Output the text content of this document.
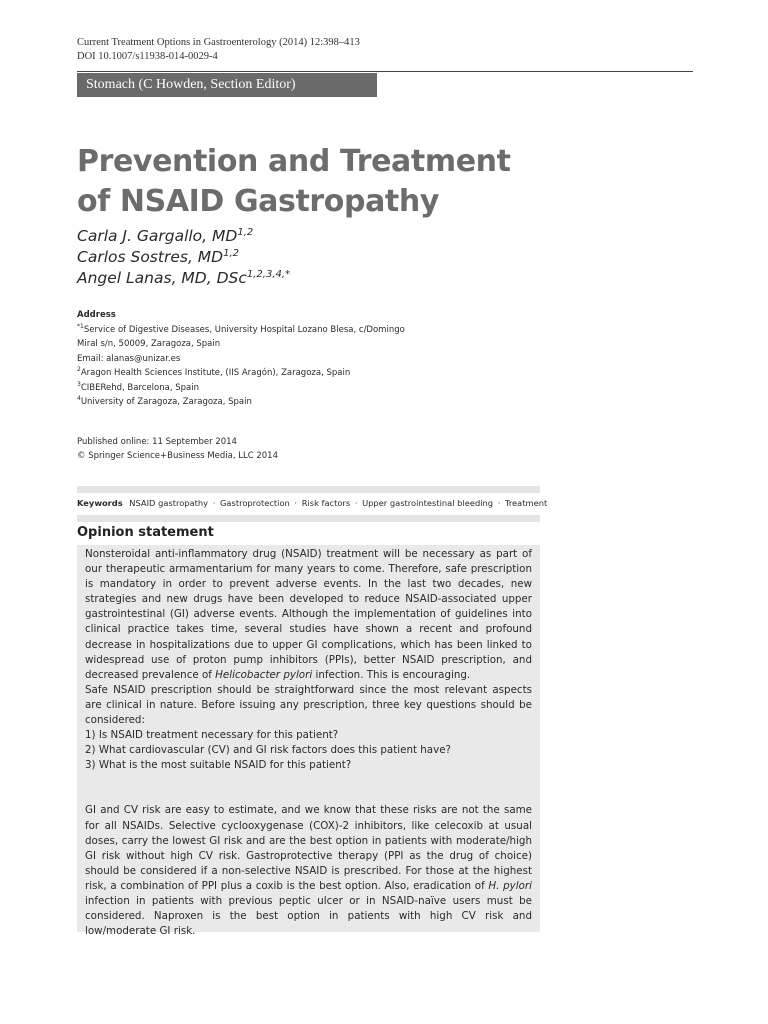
Current Treatment Options in Gastroenterology (2014) 12:398–413
DOI 10.1007/s11938-014-0029-4
Stomach (C Howden, Section Editor)
Prevention and Treatment
of NSAID Gastropathy
Carla J. Gargallo, MD$^{1,2}$
Carlos Sostres, MD$^{1,2}$
Angel Lanas, MD, DSc$^{1,2,3,4,*}$
Address
$^{*1}$Service of Digestive Diseases, University Hospital Lozano Blesa, c/Domingo
Miral s/n, 50009, Zaragoza, Spain
Email: alanas@unizar.es
$^2$Aragon Health Sciences Institute, (IIS Aragón), Zaragoza, Spain
$^3$CIBERehd, Barcelona, Spain
$^4$University of Zaragoza, Zaragoza, Spain
Published online: 11 September 2014
© Springer Science+Business Media, LLC 2014
Keywords NSAID gastropathy · Gastroprotection · Risk factors · Upper gastrointestinal bleeding · Treatment
Opinion statement

Nonsteroidal anti-inflammatory drug (NSAID) treatment will be necessary as part of our therapeutic armamentarium for many years to come. Therefore, safe prescription is mandatory in order to prevent adverse events. In the last two decades, new strategies and new drugs have been developed to reduce NSAID-associated upper gastrointestinal (GI) adverse events. Although the implementation of guidelines into clinical practice takes time, several studies have shown a recent and profound decrease in hospitalizations due to upper GI complications, which has been linked to widespread use of proton pump inhibitors (PPIs), better NSAID prescription, and decreased prevalence of Helicobacter pylori infection. This is encouraging.

Safe NSAID prescription should be straightforward since the most relevant aspects are clinical in nature. Before issuing any prescription, three key questions should be considered:

1) Is NSAID treatment necessary for this patient?

2) What cardiovascular (CV) and GI risk factors does this patient have?

3) What is the most suitable NSAID for this patient?

GI and CV risk are easy to estimate, and we know that these risks are not the same for all NSAIDs. Selective cyclooxygenase (COX)-2 inhibitors, like celecoxib at usual doses, carry the lowest GI risk and are the best option in patients with moderate/high GI risk without high CV risk. Gastroprotective therapy (PPI as the drug of choice) should be considered if a non-selective NSAID is prescribed. For those at the highest risk, a combination of PPI plus a coxib is the best option. Also, eradication of H. pylori infection in patients with previous peptic ulcer or in NSAID-naïve users must be considered. Naproxen is the best option in patients with high CV risk and low/moderate GI risk.
